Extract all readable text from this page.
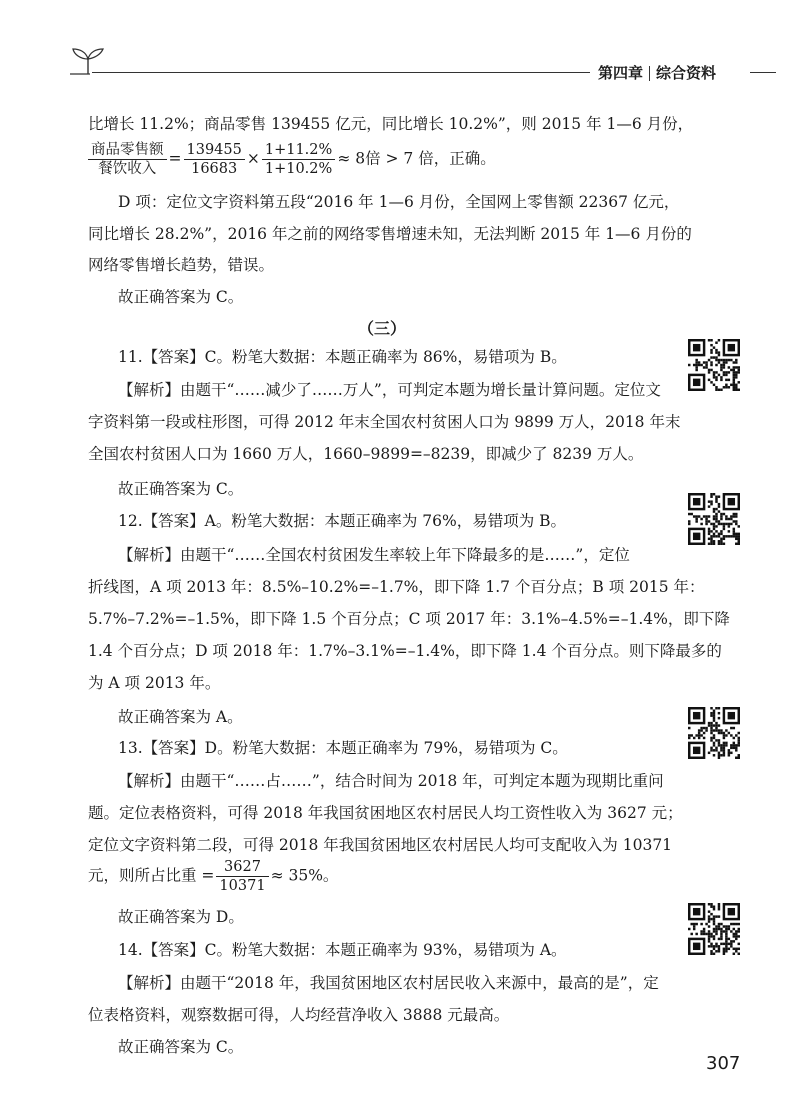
第四章 综合资料
比增长 11.2%；商品零售 139455 亿元，同比增长 10.2%”，则 2015 年 1—6 月份，
$\frac{\text{商品零售额}}{\text{餐饮收入}} = \frac{139455}{16683} \times \frac{1+11.2\%}{1+10.2\%} \approx 8$倍 > 7 倍，正确。
D 项：定位文字资料第五段“2016 年 1—6 月份，全国网上零售额 22367 亿元，
同比增长 28.2%”，2016 年之前的网络零售增速未知，无法判断 2015 年 1—6 月份的
网络零售增长趋势，错误。
故正确答案为 C。
（三）
11.【答案】C。粉笔大数据：本题正确率为 86%，易错项为 B。
【解析】由题干“……减少了……万人”，可判定本题为增长量计算问题。定位文
字资料第一段或柱形图，可得 2012 年末全国农村贫困人口为 9899 万人，2018 年末
全国农村贫困人口为 1660 万人，1660–9899=–8239，即减少了 8239 万人。
故正确答案为 C。
12.【答案】A。粉笔大数据：本题正确率为 76%，易错项为 B。
【解析】由题干“……全国农村贫困发生率较上年下降最多的是……”，定位
折线图，A 项 2013 年：8.5%–10.2%=–1.7%，即下降 1.7 个百分点；B 项 2015 年：
5.7%–7.2%=–1.5%，即下降 1.5 个百分点；C 项 2017 年：3.1%–4.5%=–1.4%，即下降
1.4 个百分点；D 项 2018 年：1.7%–3.1%=–1.4%，即下降 1.4 个百分点。则下降最多的
为 A 项 2013 年。
故正确答案为 A。
13.【答案】D。粉笔大数据：本题正确率为 79%，易错项为 C。
【解析】由题干“……占……”，结合时间为 2018 年，可判定本题为现期比重问
题。定位表格资料，可得 2018 年我国贫困地区农村居民人均工资性收入为 3627 元；
定位文字资料第二段，可得 2018 年我国贫困地区农村居民人均可支配收入为 10371
元，则所占比重 = $\frac{3627}{10371} \approx 35\%$。
故正确答案为 D。
14.【答案】C。粉笔大数据：本题正确率为 93%，易错项为 A。
【解析】由题干“2018 年，我国贫困地区农村居民收入来源中，最高的是”，定
位表格资料，观察数据可得，人均经营净收入 3888 元最高。
故正确答案为 C。
307
